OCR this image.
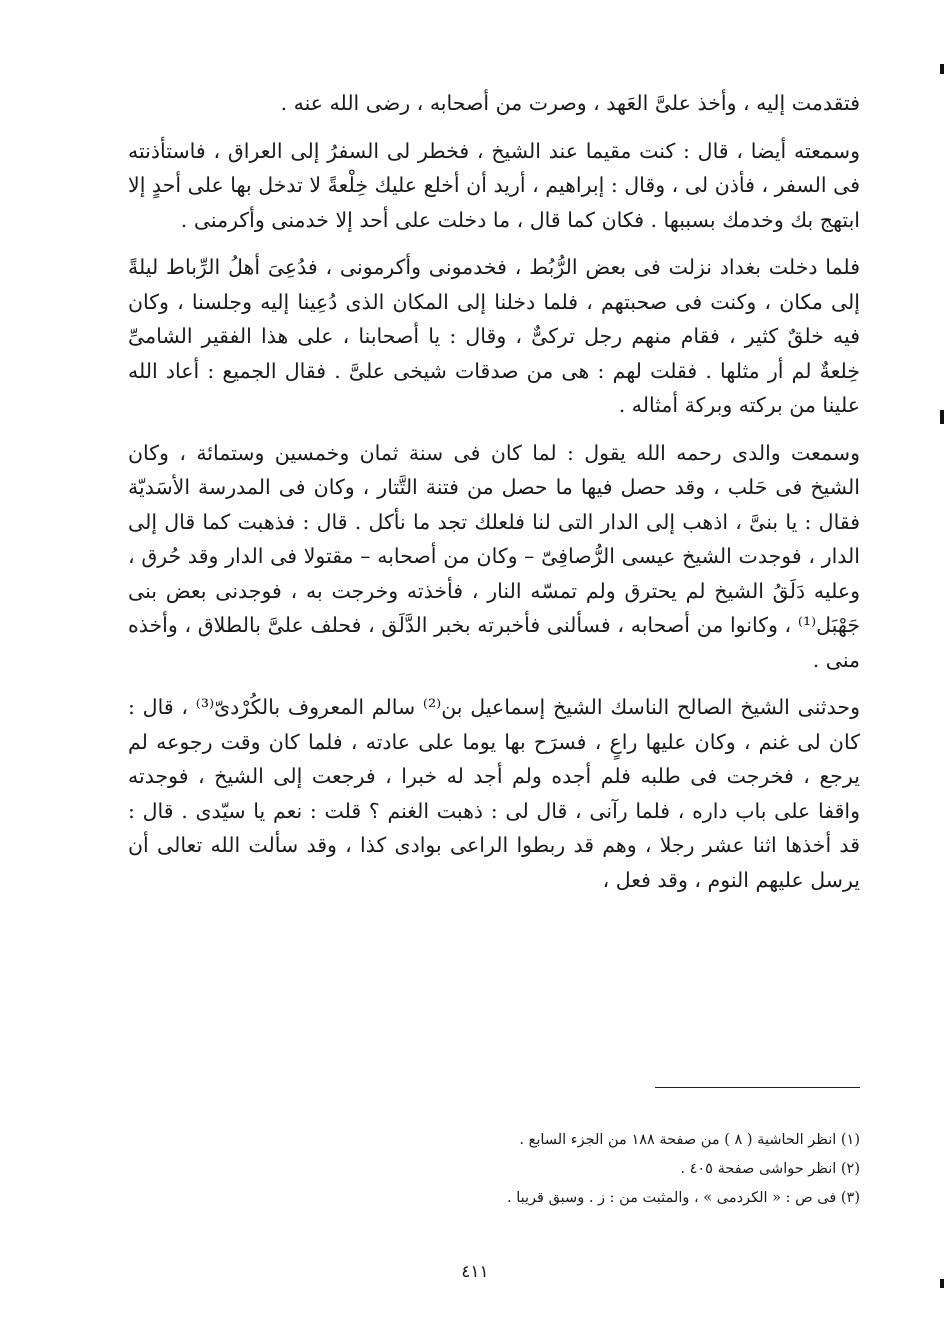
فتقدمت إليه ، وأخذ علىَّ العَهد ، وصرت من أصحابه ، رضى الله عنه .

وسمعته أيضا ، قال : كنت مقيما عند الشيخ ، فخطر لى السفرُ إلى العراق ، فاستأذنته فى السفر ، فأذن لى ، وقال : إبراهيم ، أريد أن أخلع عليك خِلْعةً لا تدخل بها على أحدٍ إلا ابتهج بك وخدمك بسببها . فكان كما قال ، ما دخلت على أحد إلا خدمنى وأكرمنى .

فلما دخلت بغداد نزلت فى بعض الرُّبُط ، فخدمونى وأكرمونى ، فدُعِىَ أهلُ الرِّباط ليلةً إلى مكان ، وكنت فى صحبتهم ، فلما دخلنا إلى المكان الذى دُعِينا إليه وجلسنا ، وكان فيه خلقٌ كثير ، فقام منهم رجل تركىٌّ ، وقال : يا أصحابنا ، على هذا الفقير الشامىِّ خِلعةٌ لم أر مثلها . فقلت لهم : هى من صدقات شيخى علىَّ . فقال الجميع : أعاد الله علينا من بركته وبركة أمثاله .

وسمعت والدى رحمه الله يقول : لما كان فى سنة ثمان وخمسين وستمائة ، وكان الشيخ فى حَلب ، وقد حصل فيها ما حصل من فتنة التَّتار ، وكان فى المدرسة الأسَديّة فقال : يا بنىَّ ، اذهب إلى الدار التى لنا فلعلك تجد ما نأكل . قال : فذهبت كما قال إلى الدار ، فوجدت الشيخ عيسى الرُّصافِىّ – وكان من أصحابه – مقتولا فى الدار وقد حُرق ، وعليه دَلَقُ الشيخ لم يحترق ولم تمسّه النار ، فأخذته وخرجت به ، فوجدنى بعض بنى جَهْبَل⁽¹⁾ ، وكانوا من أصحابه ، فسألنى فأخبرته بخبر الدَّلَق ، فحلف علىَّ بالطلاق ، وأخذه منى .

وحدثنى الشيخ الصالح الناسك الشيخ إسماعيل بن⁽²⁾ سالم المعروف بالكُرْدىّ⁽³⁾ ، قال : كان لى غنم ، وكان عليها راعٍ ، فسرَح بها يوما على عادته ، فلما كان وقت رجوعه لم يرجع ، فخرجت فى طلبه فلم أجده ولم أجد له خبرا ، فرجعت إلى الشيخ ، فوجدته واقفا على باب داره ، فلما رآنى ، قال لى : ذهبت الغنم ؟ قلت : نعم يا سيّدى . قال : قد أخذها اثنا عشر رجلا ، وهم قد ربطوا الراعى بوادى كذا ، وقد سألت الله تعالى أن يرسل عليهم النوم ، وقد فعل ،

(١) انظر الحاشية ( ٨ ) من صفحة ١٨٨ من الجزء السابع .

(٢) انظر حواشى صفحة ٤٠٥ .

(٣) فى ص : « الكردمى » ، والمثبت من : ز . وسبق قريبا .

٤١١
